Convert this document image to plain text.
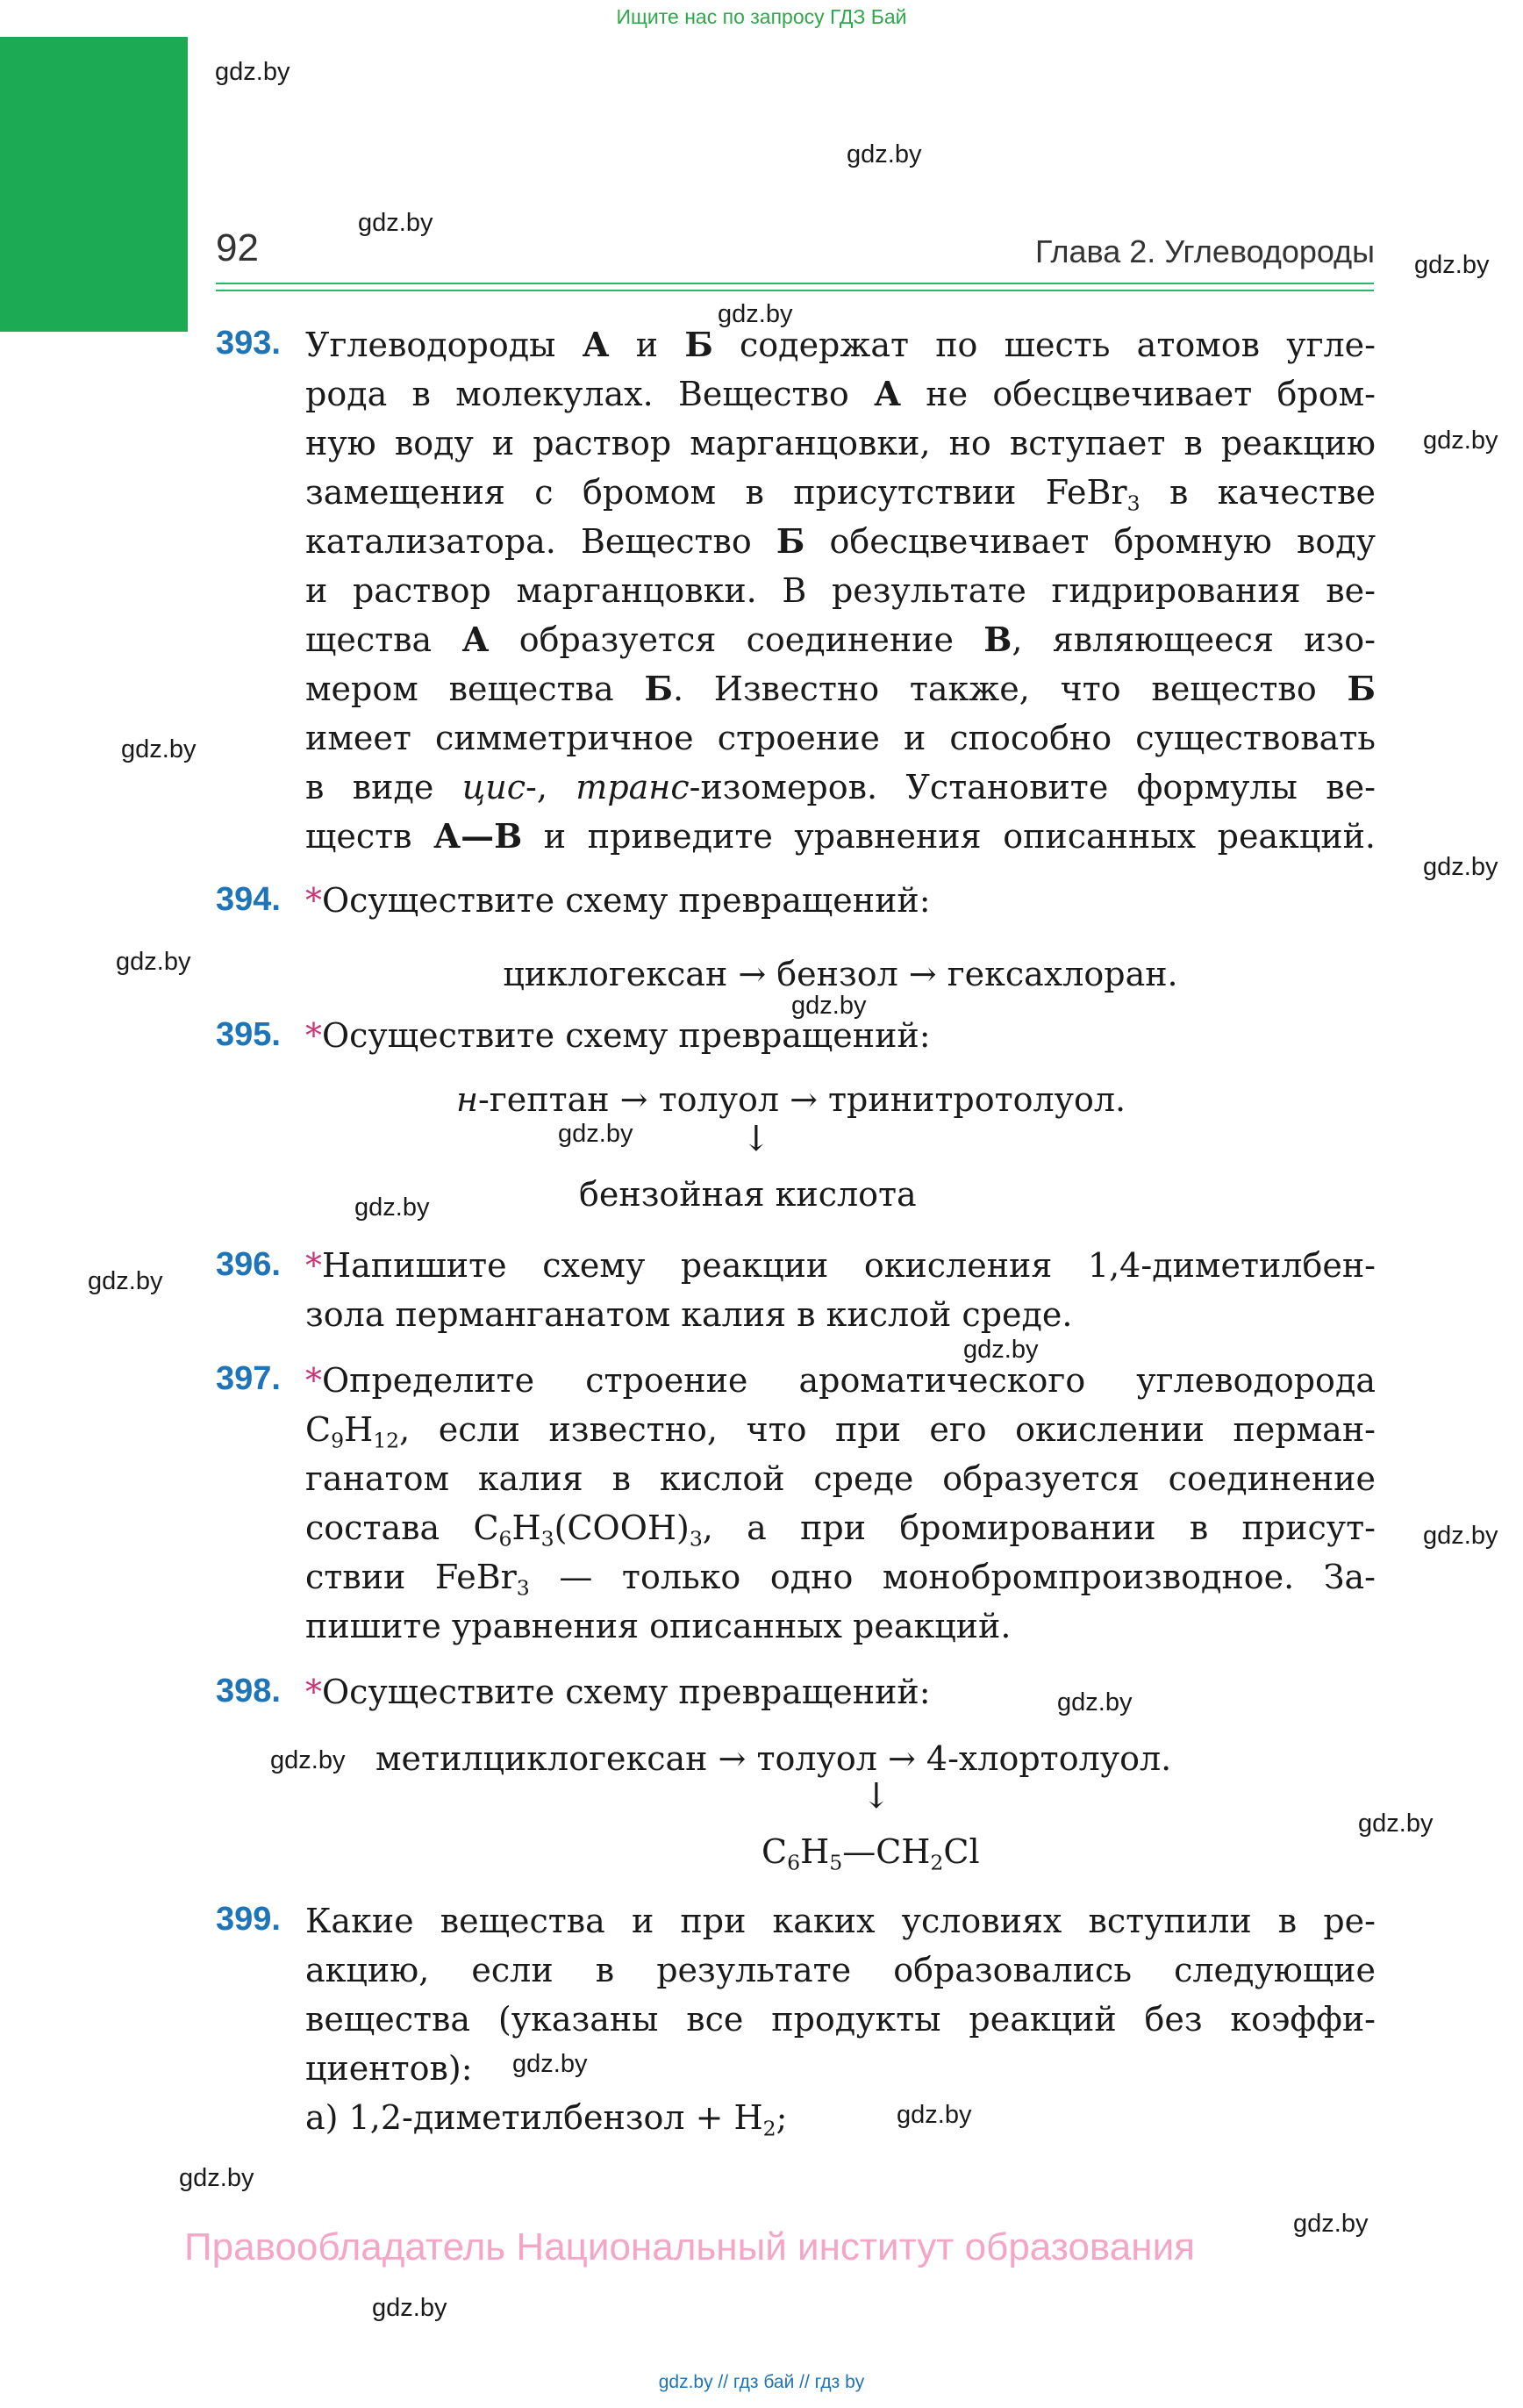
Ищите нас по запросу ГДЗ Бай
92	Глава 2. Углеводороды
393. Углеводороды А и Б содержат по шесть атомов угле-
рода в молекулах. Вещество А не обесцвечивает бром-
ную воду и раствор марганцовки, но вступает в реакцию
замещения с бромом в присутствии FeBr$_3$ в качестве
катализатора. Вещество Б обесцвечивает бромную воду
и раствор марганцовки. В результате гидрирования ве-
щества А образуется соединение В, являющееся изо-
мером вещества Б. Известно также, что вещество Б
имеет симметричное строение и способно существовать
в виде цис-, транс-изомеров. Установите формулы ве-
ществ А—В и приведите уравнения описанных реакций.
394. *Осуществите схему превращений:
циклогексан → бензол → гексахлоран.
395. *Осуществите схему превращений:
н-гептан → толуол → тринитротолуол.
↓
бензойная кислота
396. *Напишите схему реакции окисления 1,4-диметилбен-
зола перманганатом калия в кислой среде.
397. *Определите строение ароматического углеводорода
$C_9H_{12}$, если известно, что при его окислении перман-
ганатом калия в кислой среде образуется соединение
состава $C_6H_3(COOH)_3$, а при бромировании в присут-
ствии FeBr$_3$ — только одно монобромпроизводное. За-
пишите уравнения описанных реакций.
398. *Осуществите схему превращений:
метилциклогексан → толуол → 4-хлортолуол.
↓
$C_6H_5—CH_2Cl$
399. Какие вещества и при каких условиях вступили в ре-
акцию, если в результате образовались следующие
вещества (указаны все продукты реакций без коэффи-
циентов):
а) 1,2-диметилбензол + $H_2$;
gdz.by
gdz.by
gdz.by
gdz.by
gdz.by
gdz.by
gdz.by
gdz.by
gdz.by
gdz.by
gdz.by
gdz.by
gdz.by
gdz.by
gdz.by
gdz.by
gdz.by
gdz.by
gdz.by
gdz.by
gdz.by
gdz.by
gdz.by
Правообладатель Национальный институт образования
gdz.by // гдз бай // гдз by
